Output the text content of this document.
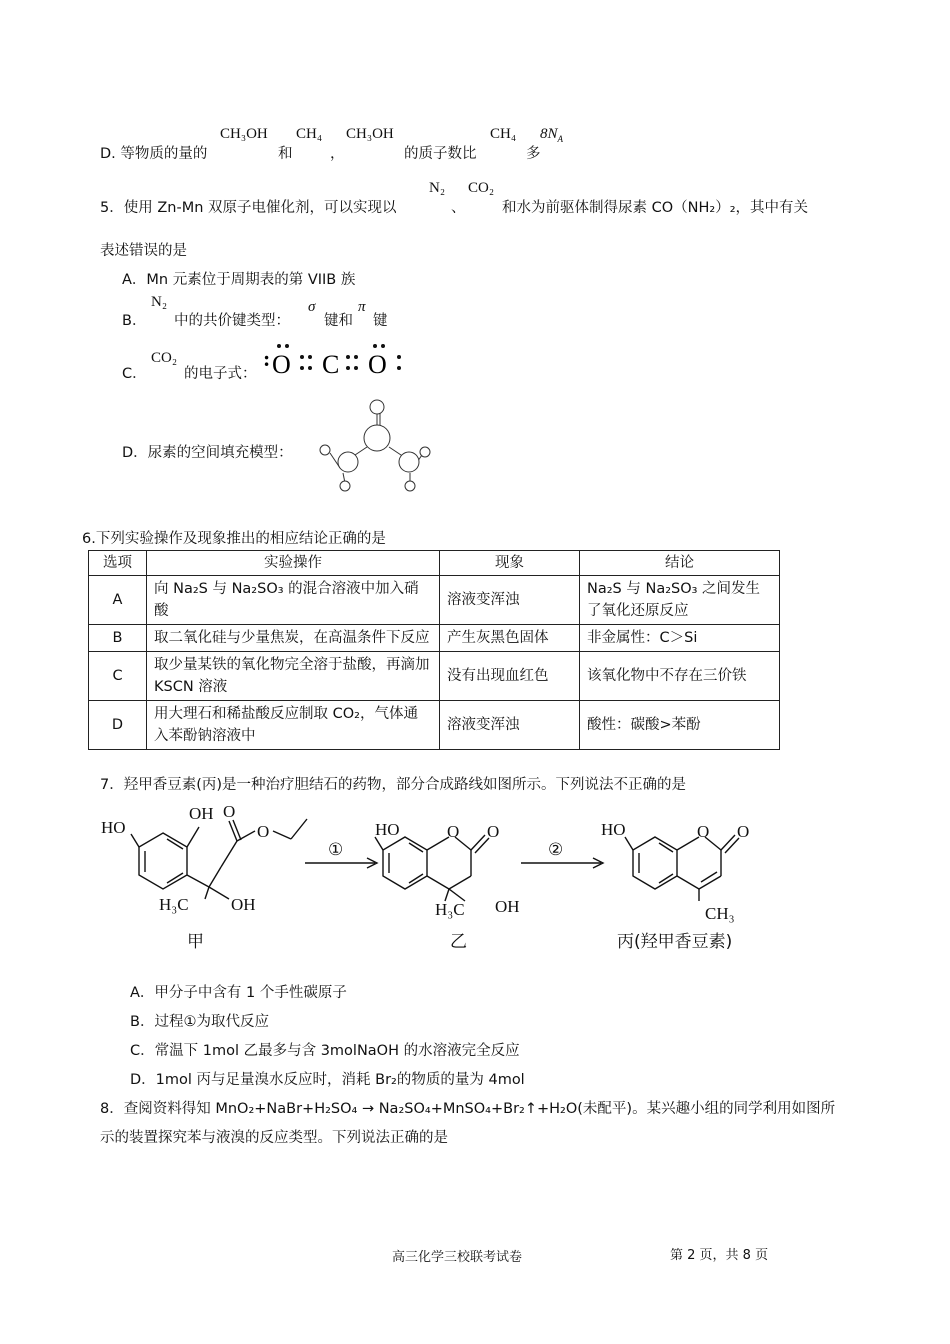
D. 等物质的量的
CH₃OH
和
CH₄
，
CH₃OH
的质子数比
CH₄
多
$8N_A$
5．使用 Zn-Mn 双原子电催化剂，可以实现以
N₂
、
CO₂
和水为前驱体制得尿素 CO（NH₂）₂，其中有关
表述错误的是
A．Mn 元素位于周期表的第 VIIB 族
B．
N₂
中的共价键类型：
σ
键和
π
键
C．
CO₂
的电子式：
: O C O
D．尿素的空间填充模型：
6.下列实验操作及现象推出的相应结论正确的是
选项	实验操作	现象	结论
A	向 Na₂S 与 Na₂SO₃ 的混合溶液中加入硝酸	溶液变浑浊	Na₂S 与 Na₂SO₃ 之间发生了氧化还原反应
B	取二氧化硅与少量焦炭，在高温条件下反应	产生灰黑色固体	非金属性：C＞Si
C	取少量某铁的氧化物完全溶于盐酸，再滴加 KSCN 溶液	没有出现血红色	该氧化物中不存在三价铁
D	用大理石和稀盐酸反应制取 CO₂，气体通入苯酚钠溶液中	溶液变浑浊	酸性：碳酸>苯酚
7．羟甲香豆素(丙)是一种治疗胆结石的药物，部分合成路线如图所示。下列说法不正确的是
HO
OH O
O
H₃C OH
①	②
HO	O O
H₃C OH
HO	O O
CH₃
甲	乙	丙(羟甲香豆素)
A．甲分子中含有 1 个手性碳原子
B．过程①为取代反应
C．常温下 1mol 乙最多与含 3molNaOH 的水溶液完全反应
D．1mol 丙与足量溴水反应时，消耗 Br₂的物质的量为 4mol
8．查阅资料得知 MnO₂+NaBr+H₂SO₄ → Na₂SO₄+MnSO₄+Br₂↑+H₂O(未配平)。某兴趣小组的同学利用如图所
示的装置探究苯与液溴的反应类型。下列说法正确的是
高三化学三校联考试卷	第 2 页，共 8 页
